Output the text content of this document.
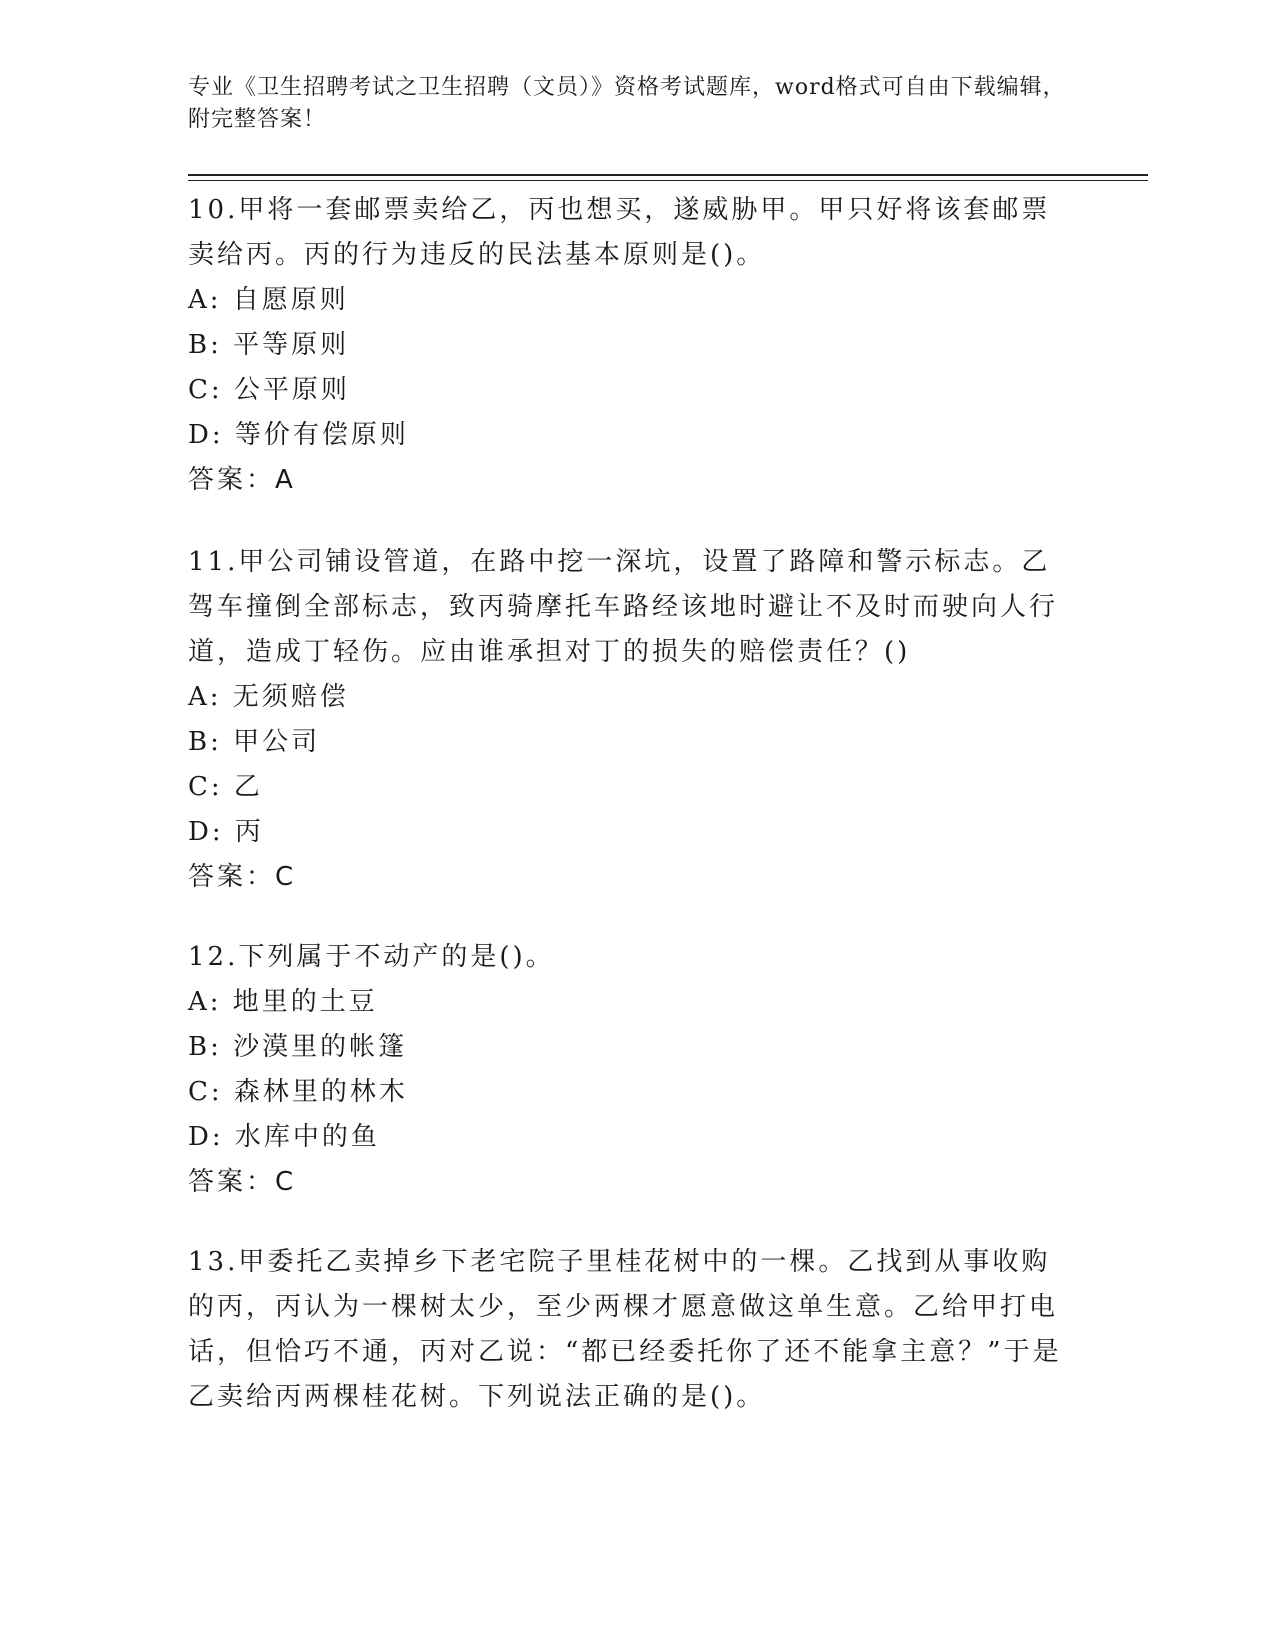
专业《卫生招聘考试之卫生招聘（文员）》资格考试题库，word格式可自由下载编辑，附完整答案！

10.甲将一套邮票卖给乙，丙也想买，遂威胁甲。甲只好将该套邮票卖给丙。丙的行为违反的民法基本原则是()。

A: 自愿原则

B: 平等原则

C: 公平原则

D: 等价有偿原则

答案：A

11.甲公司铺设管道，在路中挖一深坑，设置了路障和警示标志。乙驾车撞倒全部标志，致丙骑摩托车路经该地时避让不及时而驶向人行道，造成丁轻伤。应由谁承担对丁的损失的赔偿责任？()

A: 无须赔偿

B: 甲公司

C: 乙

D: 丙

答案：C

12.下列属于不动产的是()。

A: 地里的土豆

B: 沙漠里的帐篷

C: 森林里的林木

D: 水库中的鱼

答案：C

13.甲委托乙卖掉乡下老宅院子里桂花树中的一棵。乙找到从事收购的丙，丙认为一棵树太少，至少两棵才愿意做这单生意。乙给甲打电话，但恰巧不通，丙对乙说：“都已经委托你了还不能拿主意？”于是乙卖给丙两棵桂花树。下列说法正确的是()。
